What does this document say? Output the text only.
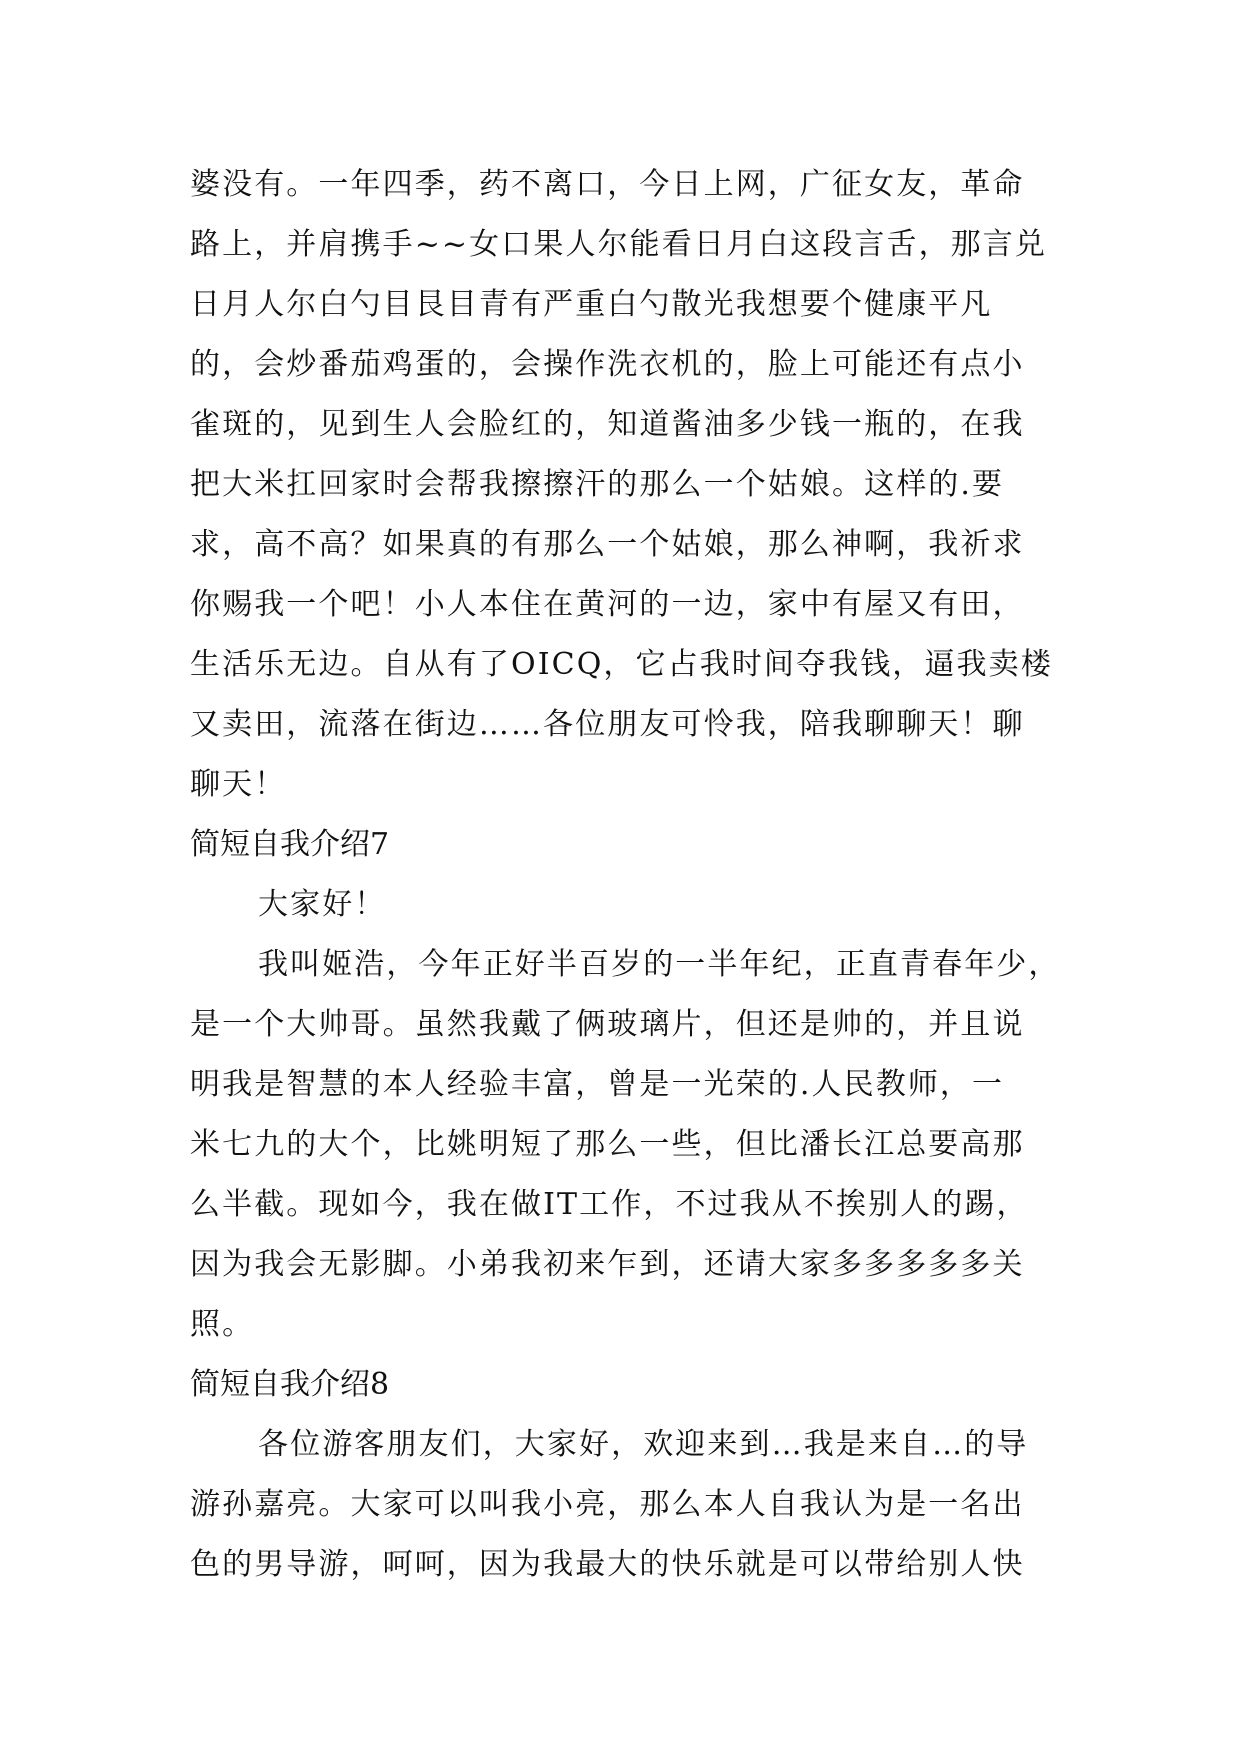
婆没有。一年四季，药不离口，今日上网，广征女友，革命
路上，并肩携手~~女口果人尔能看日月白这段言舌，那言兑
日月人尔白勺目艮目青有严重白勺散光我想要个健康平凡
的，会炒番茄鸡蛋的，会操作洗衣机的，脸上可能还有点小
雀斑的，见到生人会脸红的，知道酱油多少钱一瓶的，在我
把大米扛回家时会帮我擦擦汗的那么一个姑娘。这样的.要
求，高不高？如果真的有那么一个姑娘，那么神啊，我祈求
你赐我一个吧！小人本住在黄河的一边，家中有屋又有田，
生活乐无边。自从有了OICQ，它占我时间夺我钱，逼我卖楼
又卖田，流落在街边……各位朋友可怜我，陪我聊聊天！聊
聊天！
简短自我介绍7
大家好！
我叫姬浩，今年正好半百岁的一半年纪，正直青春年少，
是一个大帅哥。虽然我戴了俩玻璃片，但还是帅的，并且说
明我是智慧的本人经验丰富，曾是一光荣的.人民教师，一
米七九的大个，比姚明短了那么一些，但比潘长江总要高那
么半截。现如今，我在做IT工作，不过我从不挨别人的踢，
因为我会无影脚。小弟我初来乍到，还请大家多多多多多关
照。
简短自我介绍8
各位游客朋友们，大家好，欢迎来到…我是来自…的导
游孙嘉亮。大家可以叫我小亮，那么本人自我认为是一名出
色的男导游，呵呵，因为我最大的快乐就是可以带给别人快
